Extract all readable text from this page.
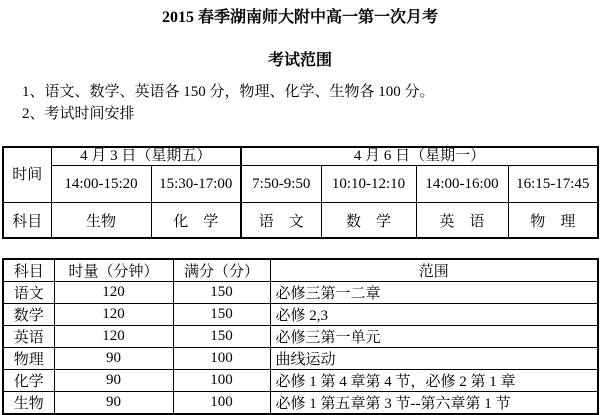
2015 春季湖南师大附中高一第一次月考
考试范围

1、语文、数学、英语各 150 分，物理、化学、生物各 100 分。

2、考试时间安排

时间	4 月 3 日（星期五）		4 月 6 日（星期一）			
	14:00-15:20	15:30-17:00	7:50-9:50	10:10-12:10	14:00-16:00	16:15-17:45
科目	生物	化　学	语　文	数　学	英　语	物　理
科目	时量（分钟）	满分（分）	范围
语文	120	150	必修三第一二章
数学	120	150	必修 2,3
英语	120	150	必修三第一单元
物理	90	100	曲线运动
化学	90	100	必修 1 第 4 章第 4 节，必修 2 第 1 章
生物	90	100	必修 1 第五章第 3 节--第六章第 1 节
